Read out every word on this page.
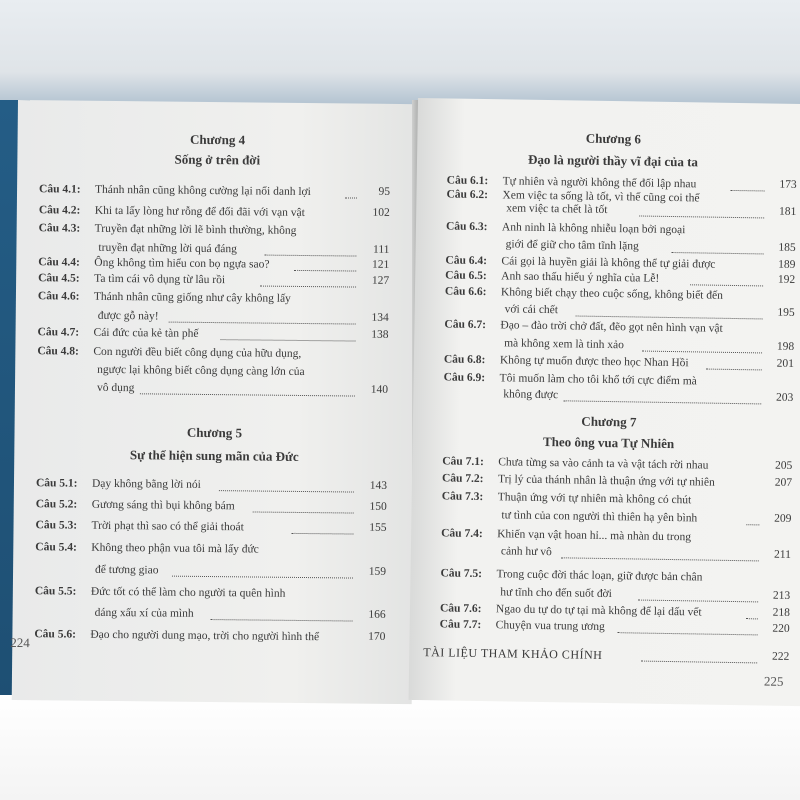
Chương 4
Sống ở trên đời
Câu 4.1: Thánh nhân cũng không cường lại nổi danh lợi	95
Câu 4.2: Khi ta lấy lòng hư rỗng để đối đãi với vạn vật	102
Câu 4.3: Truyền đạt những lời lẽ bình thường, không
truyền đạt những lời quá đáng	111
Câu 4.4: Ông không tìm hiểu con bọ ngựa sao?	121
Câu 4.5: Ta tìm cái vô dụng từ lâu rồi	127
Câu 4.6: Thánh nhân cũng giống như cây không lấy
được gỗ này!	134
Câu 4.7: Cái đức của kẻ tàn phế	138
Câu 4.8: Con người đều biết công dụng của hữu dụng,
ngược lại không biết công dụng càng lớn của
vô dụng	140
Chương 5
Sự thể hiện sung mãn của Đức
Câu 5.1: Dạy không bằng lời nói	143
Câu 5.2: Gương sáng thì bụi không bám	150
Câu 5.3: Trời phạt thì sao có thể giải thoát	155
Câu 5.4: Không theo phận vua tôi mà lấy đức
để tương giao	159
Câu 5.5: Đức tốt có thể làm cho người ta quên hình
dáng xấu xí của mình	166
Câu 5.6: Đạo cho người dung mạo, trời cho người hình thể	170
224
Chương 6
Đạo là người thầy vĩ đại của ta
Câu 6.1: Tự nhiên và người không thể đối lập nhau	173
Câu 6.2: Xem việc ta sống là tốt, vì thế cũng coi thể
xem việc ta chết là tốt	181
Câu 6.3: Anh ninh là không nhiễu loạn bởi ngoại
giới để giữ cho tâm tĩnh lặng	185
Câu 6.4: Cái gọi là huyền giải là không thể tự giải được	189
Câu 6.5: Anh sao thấu hiểu ý nghĩa của Lễ!	192
Câu 6.6: Không biết chạy theo cuộc sống, không biết đến
với cái chết	195
Câu 6.7: Đạo – đào trời chở đất, đẽo gọt nên hình vạn vật
mà không xem là tinh xảo	198
Câu 6.8: Không tự muốn được theo học Nhan Hồi	201
Câu 6.9: Tôi muốn làm cho tôi khổ tới cực điểm mà
không được	203
Chương 7
Theo ông vua Tự Nhiên
Câu 7.1: Chưa từng sa vào cảnh ta và vật tách rời nhau	205
Câu 7.2: Trị lý của thánh nhân là thuận ứng với tự nhiên	207
Câu 7.3: Thuận ứng với tự nhiên mà không có chút
tư tình của con người thì thiên hạ yên bình	209
Câu 7.4: Khiến vạn vật hoan hỉ... mà nhàn du trong
cảnh hư vô	211
Câu 7.5: Trong cuộc đời thác loạn, giữ được bản chân
hư tĩnh cho đến suốt đời	213
Câu 7.6: Ngao du tự do tự tại mà không để lại dấu vết	218
Câu 7.7: Chuyện vua trung ương	220
TÀI LIỆU THAM KHẢO CHÍNH	222
225
